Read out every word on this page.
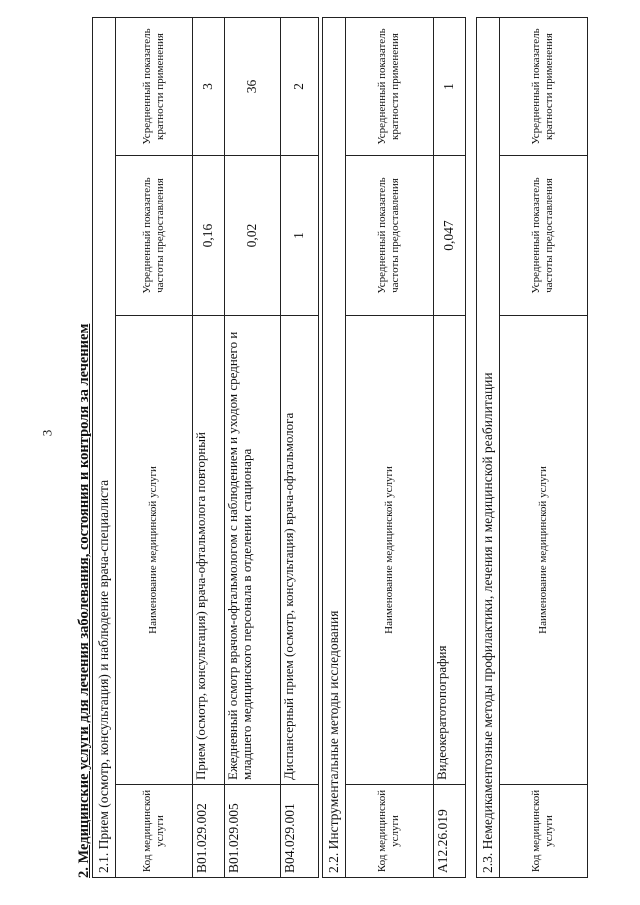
3 2. Медицинские услуги для лечения заболевания, состояния и контроля за лечением 2.1. Прием (осмотр, консультация) и наблюдение врача-специалиста			
Код медицинской услуги	Наименование медицинской услуги	Усредненный показатель частоты предоставления	Усредненный показатель кратности применения
B01.029.002	Прием (осмотр, консультация) врача-офтальмолога повторный	0,16	3
B01.029.005	Ежедневный осмотр врачом-офтальмологом с наблюдением и уходом среднего и младшего медицинского персонала в отделении стационара	0,02	36
B04.029.001	Диспансерный прием (осмотр, консультация) врача-офтальмолога	1	2
2.2. Инструментальные методы исследования			
Код медицинской услуги	Наименование медицинской услуги	Усредненный показатель частоты предоставления	Усредненный показатель кратности применения
A12.26.019	Видеокератотопография	0,047	1
2.3. Немедикаментозные методы профилактики, лечения и медицинской реабилитации
Код медицинской услуги	Наименование медицинской услуги	Усредненный показатель частоты предоставления	Усредненный показатель кратности применения
